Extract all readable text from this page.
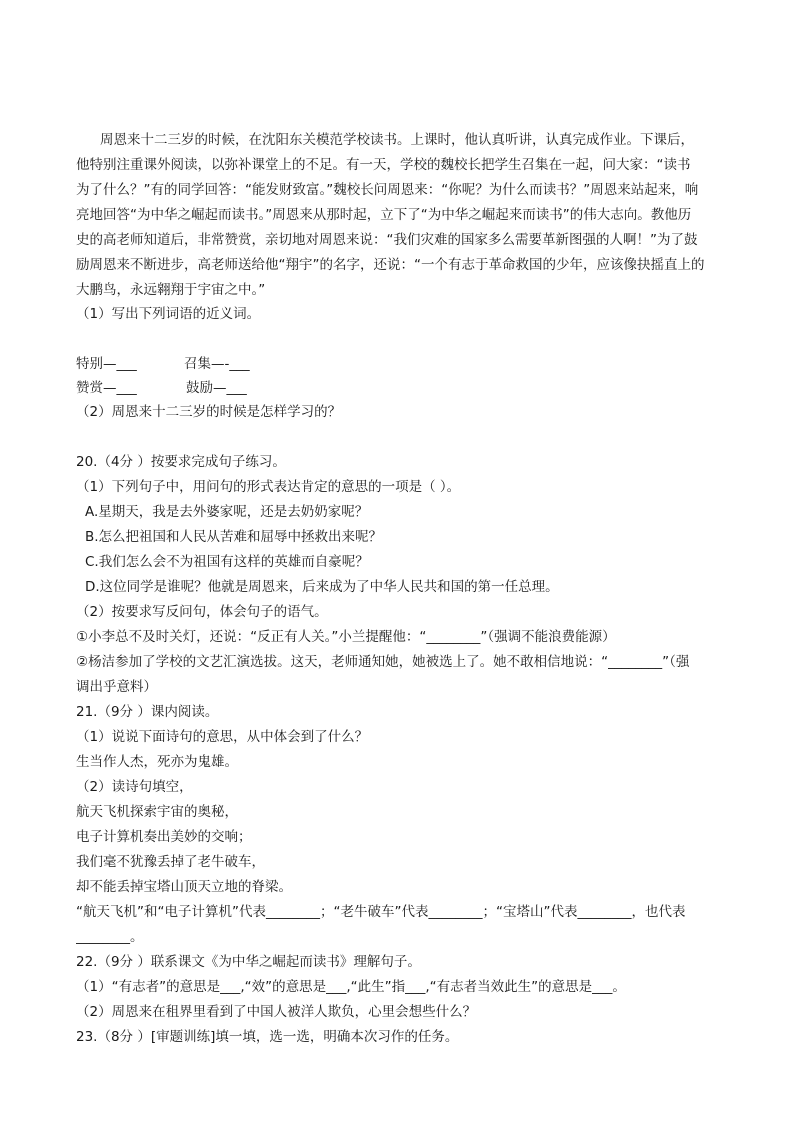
周恩来十二三岁的时候，在沈阳东关模范学校读书。上课时，他认真听讲，认真完成作业。下课后，
他特别注重课外阅读，以弥补课堂上的不足。有一天，学校的魏校长把学生召集在一起，问大家：“读书
为了什么？”有的同学回答：“能发财致富。”魏校长问周恩来：“你呢？为什么而读书？”周恩来站起来，响
亮地回答“为中华之崛起而读书。”周恩来从那时起，立下了“为中华之崛起来而读书”的伟大志向。教他历
史的高老师知道后，非常赞赏，亲切地对周恩来说：“我们灾难的国家多么需要革新图强的人啊！”为了鼓
励周恩来不断进步，高老师送给他“翔宇”的名字，还说：“一个有志于革命救国的少年，应该像抉摇直上的
大鹏鸟，永远翱翔于宇宙之中。”
（1）写出下列词语的近义词。
特别—___	召集—-___
赞赏—___	鼓励—___
（2）周恩来十二三岁的时候是怎样学习的？
20.（4分 ）按要求完成句子练习。
（1）下列句子中，用问句的形式表达肯定的意思的一项是（ ）。
A.星期天，我是去外婆家呢，还是去奶奶家呢？
B.怎么把祖国和人民从苦难和屈辱中拯救出来呢？
C.我们怎么会不为祖国有这样的英雄而自豪呢？
D.这位同学是谁呢？他就是周恩来，后来成为了中华人民共和国的第一任总理。
（2）按要求写反问句，体会句子的语气。
①小李总不及时关灯，还说：“反正有人关。”小兰提醒他：“________”（强调不能浪费能源）
②杨洁参加了学校的文艺汇演选拔。这天，老师通知她，她被选上了。她不敢相信地说：“________”（强
调出乎意料）
21.（9分 ）课内阅读。
（1）说说下面诗句的意思，从中体会到了什么？
生当作人杰，死亦为鬼雄。
（2）读诗句填空，
航天飞机探索宇宙的奥秘，
电子计算机奏出美妙的交响；
我们毫不犹豫丢掉了老牛破车，
却不能丢掉宝塔山顶天立地的脊梁。
“航天飞机”和“电子计算机”代表________；“老牛破车”代表________；“宝塔山”代表________，也代表
________。
22.（9分 ）联系课文《为中华之崛起而读书》理解句子。
（1）“有志者”的意思是___,“效”的意思是___,“此生”指___,“有志者当效此生”的意思是___。
（2）周恩来在租界里看到了中国人被洋人欺负，心里会想些什么？
23.（8分 ）[审题训练]填一填，选一选，明确本次习作的任务。
